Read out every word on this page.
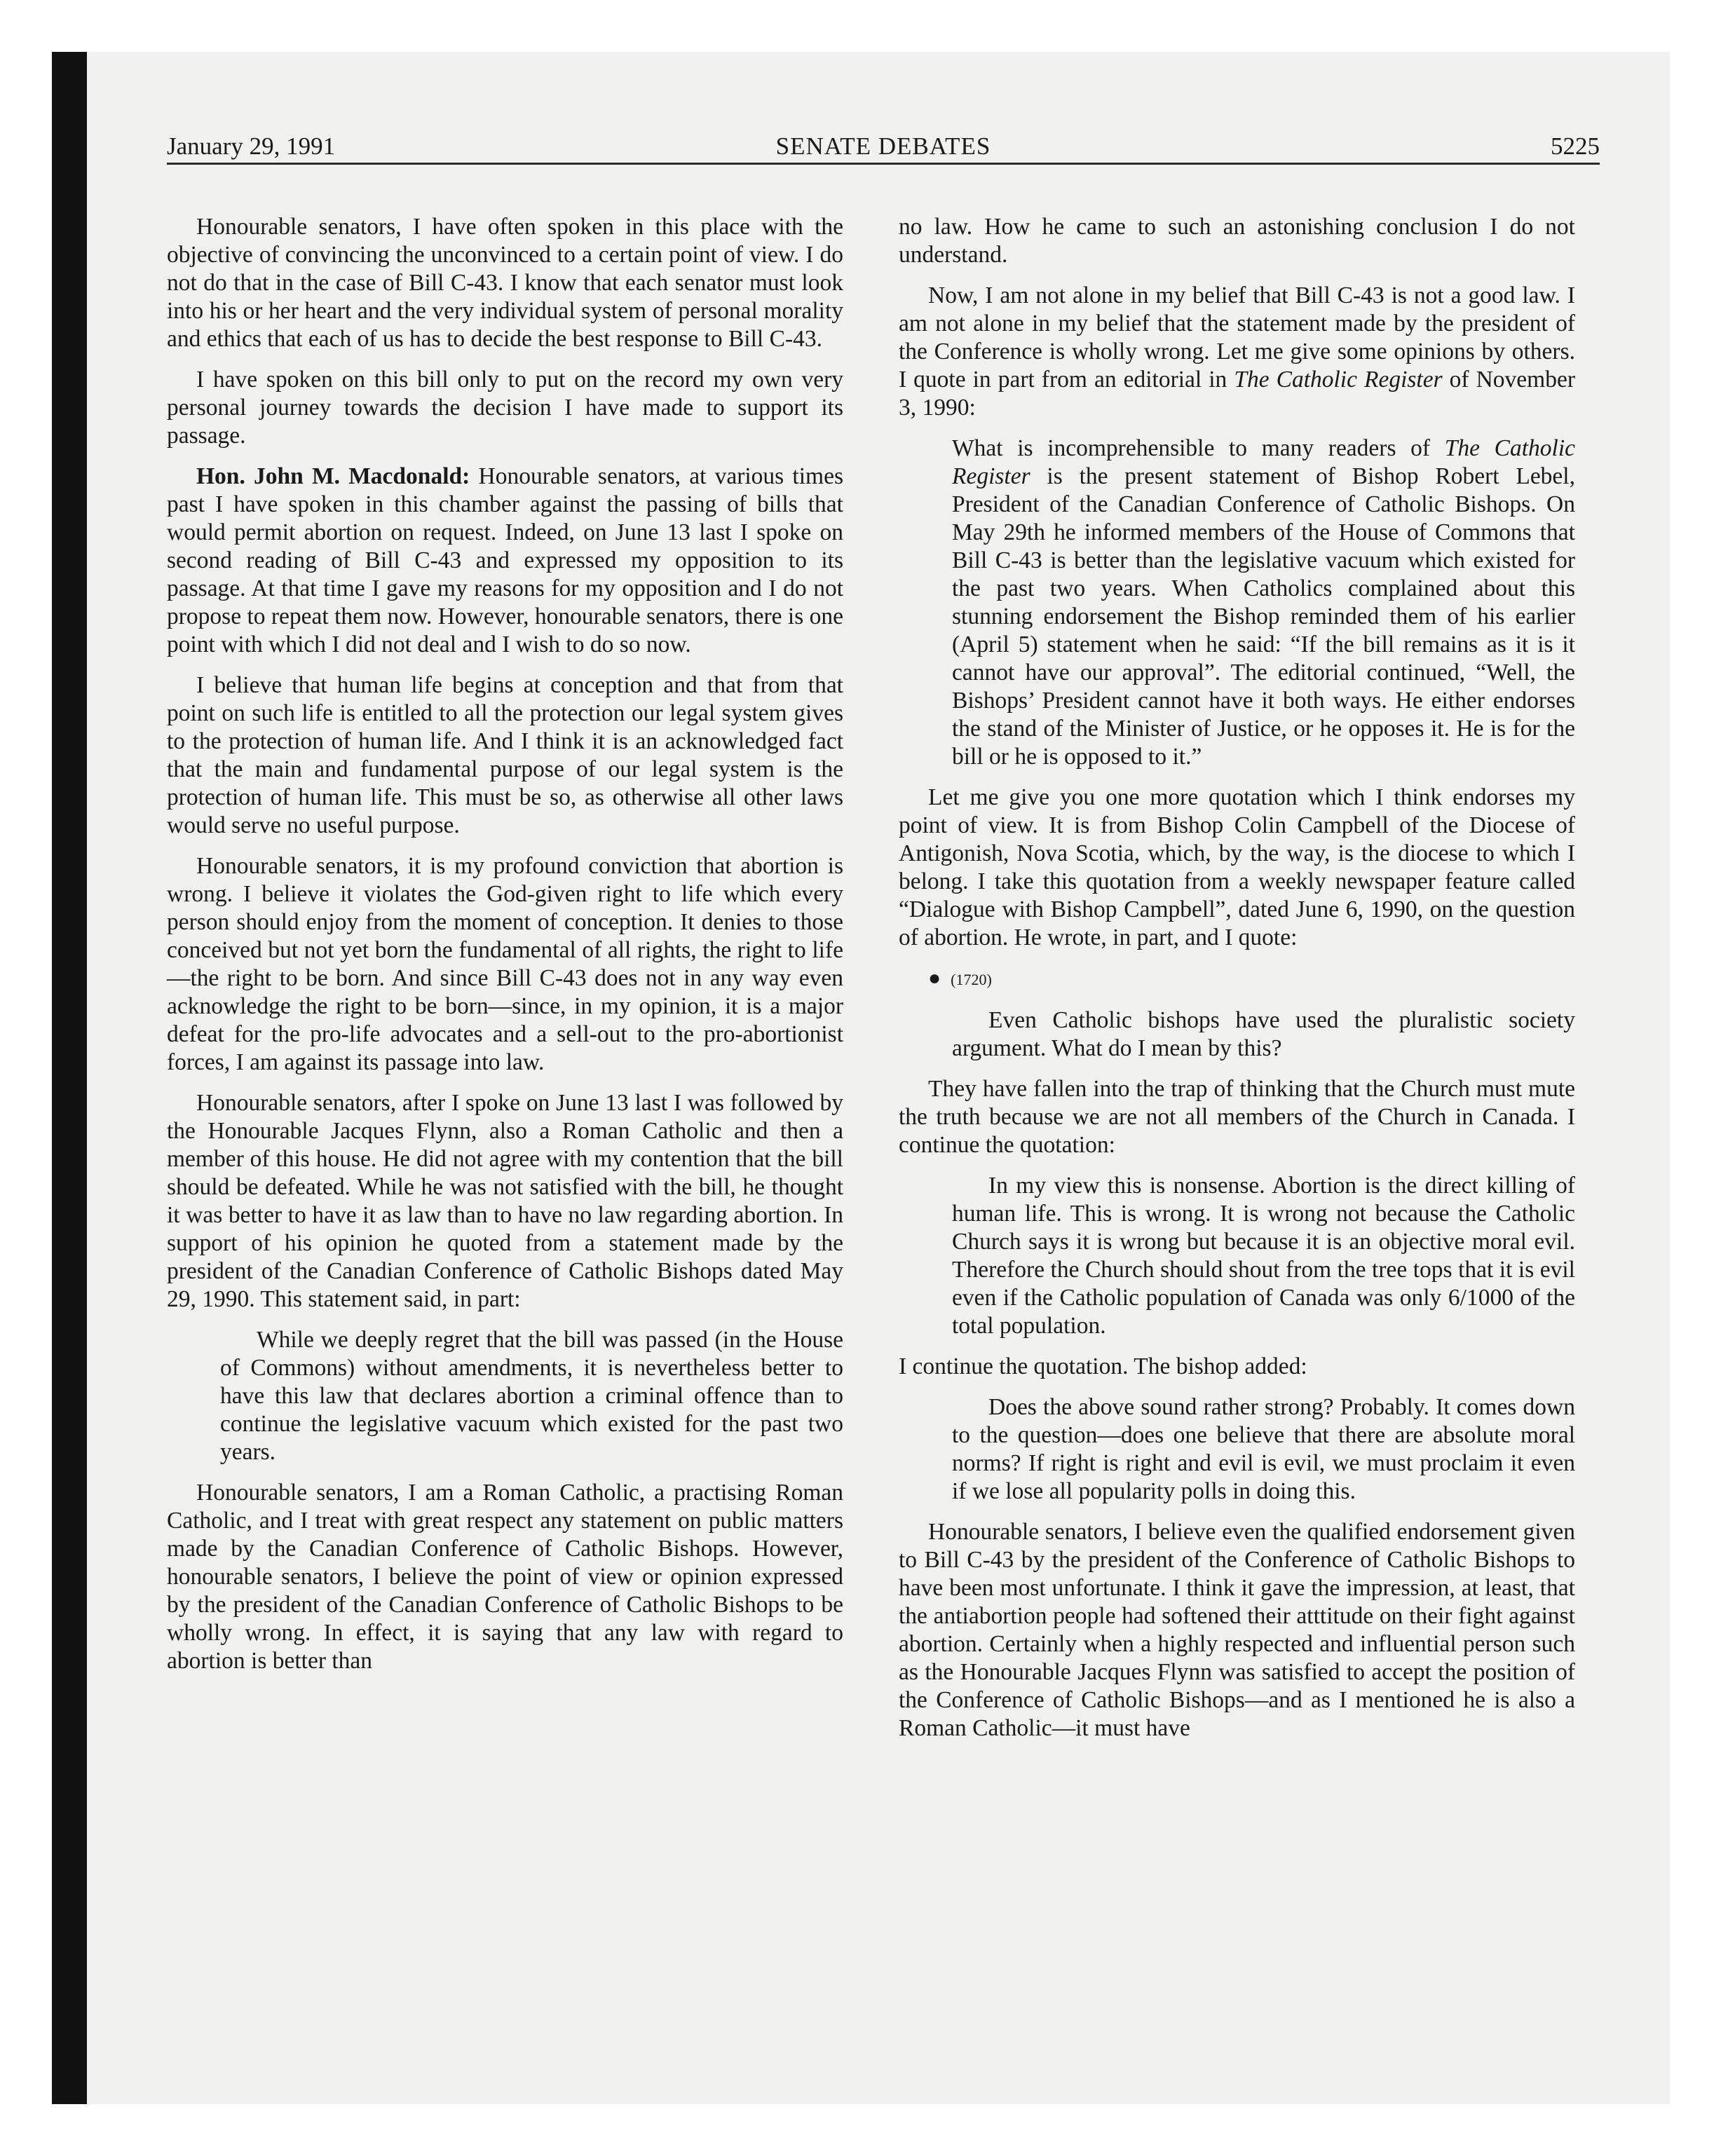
January 29, 1991	SENATE DEBATES	5225

Honourable senators, I have often spoken in this place with the objective of convincing the unconvinced to a certain point of view. I do not do that in the case of Bill C-43. I know that each senator must look into his or her heart and the very individual system of personal morality and ethics that each of us has to decide the best response to Bill C-43.

I have spoken on this bill only to put on the record my own very personal journey towards the decision I have made to support its passage.

Hon. John M. Macdonald: Honourable senators, at various times past I have spoken in this chamber against the passing of bills that would permit abortion on request. Indeed, on June 13 last I spoke on second reading of Bill C-43 and expressed my opposition to its passage. At that time I gave my reasons for my opposition and I do not propose to repeat them now. However, honourable senators, there is one point with which I did not deal and I wish to do so now.

I believe that human life begins at conception and that from that point on such life is entitled to all the protection our legal system gives to the protection of human life. And I think it is an acknowledged fact that the main and fundamental purpose of our legal system is the protection of human life. This must be so, as otherwise all other laws would serve no useful purpose.

Honourable senators, it is my profound conviction that abortion is wrong. I believe it violates the God-given right to life which every person should enjoy from the moment of conception. It denies to those conceived but not yet born the fundamental of all rights, the right to life—the right to be born. And since Bill C-43 does not in any way even acknowledge the right to be born—since, in my opinion, it is a major defeat for the pro-life advocates and a sell-out to the pro-abortionist forces, I am against its passage into law.

Honourable senators, after I spoke on June 13 last I was followed by the Honourable Jacques Flynn, also a Roman Catholic and then a member of this house. He did not agree with my contention that the bill should be defeated. While he was not satisfied with the bill, he thought it was better to have it as law than to have no law regarding abortion. In support of his opinion he quoted from a statement made by the president of the Canadian Conference of Catholic Bishops dated May 29, 1990. This statement said, in part:

While we deeply regret that the bill was passed (in the House of Commons) without amendments, it is nevertheless better to have this law that declares abortion a criminal offence than to continue the legislative vacuum which existed for the past two years.

Honourable senators, I am a Roman Catholic, a practising Roman Catholic, and I treat with great respect any statement on public matters made by the Canadian Conference of Catholic Bishops. However, honourable senators, I believe the point of view or opinion expressed by the president of the Canadian Conference of Catholic Bishops to be wholly wrong. In effect, it is saying that any law with regard to abortion is better than

no law. How he came to such an astonishing conclusion I do not understand.

Now, I am not alone in my belief that Bill C-43 is not a good law. I am not alone in my belief that the statement made by the president of the Conference is wholly wrong. Let me give some opinions by others. I quote in part from an editorial in The Catholic Register of November 3, 1990:

What is incomprehensible to many readers of The Catholic Register is the present statement of Bishop Robert Lebel, President of the Canadian Conference of Catholic Bishops. On May 29th he informed members of the House of Commons that Bill C-43 is better than the legislative vacuum which existed for the past two years. When Catholics complained about this stunning endorsement the Bishop reminded them of his earlier (April 5) statement when he said: “If the bill remains as it is it cannot have our approval”. The editorial continued, “Well, the Bishops’ President cannot have it both ways. He either endorses the stand of the Minister of Justice, or he opposes it. He is for the bill or he is opposed to it.”

Let me give you one more quotation which I think endorses my point of view. It is from Bishop Colin Campbell of the Diocese of Antigonish, Nova Scotia, which, by the way, is the diocese to which I belong. I take this quotation from a weekly newspaper feature called “Dialogue with Bishop Campbell”, dated June 6, 1990, on the question of abortion. He wrote, in part, and I quote:

● (1720)

Even Catholic bishops have used the pluralistic society argument. What do I mean by this?

They have fallen into the trap of thinking that the Church must mute the truth because we are not all members of the Church in Canada. I continue the quotation:

In my view this is nonsense. Abortion is the direct killing of human life. This is wrong. It is wrong not because the Catholic Church says it is wrong but because it is an objective moral evil. Therefore the Church should shout from the tree tops that it is evil even if the Catholic population of Canada was only 6/1000 of the total population.

I continue the quotation. The bishop added:

Does the above sound rather strong? Probably. It comes down to the question—does one believe that there are absolute moral norms? If right is right and evil is evil, we must proclaim it even if we lose all popularity polls in doing this.

Honourable senators, I believe even the qualified endorsement given to Bill C-43 by the president of the Conference of Catholic Bishops to have been most unfortunate. I think it gave the impression, at least, that the antiabortion people had softened their atttitude on their fight against abortion. Certainly when a highly respected and influential person such as the Honourable Jacques Flynn was satisfied to accept the position of the Conference of Catholic Bishops—and as I mentioned he is also a Roman Catholic—it must have
